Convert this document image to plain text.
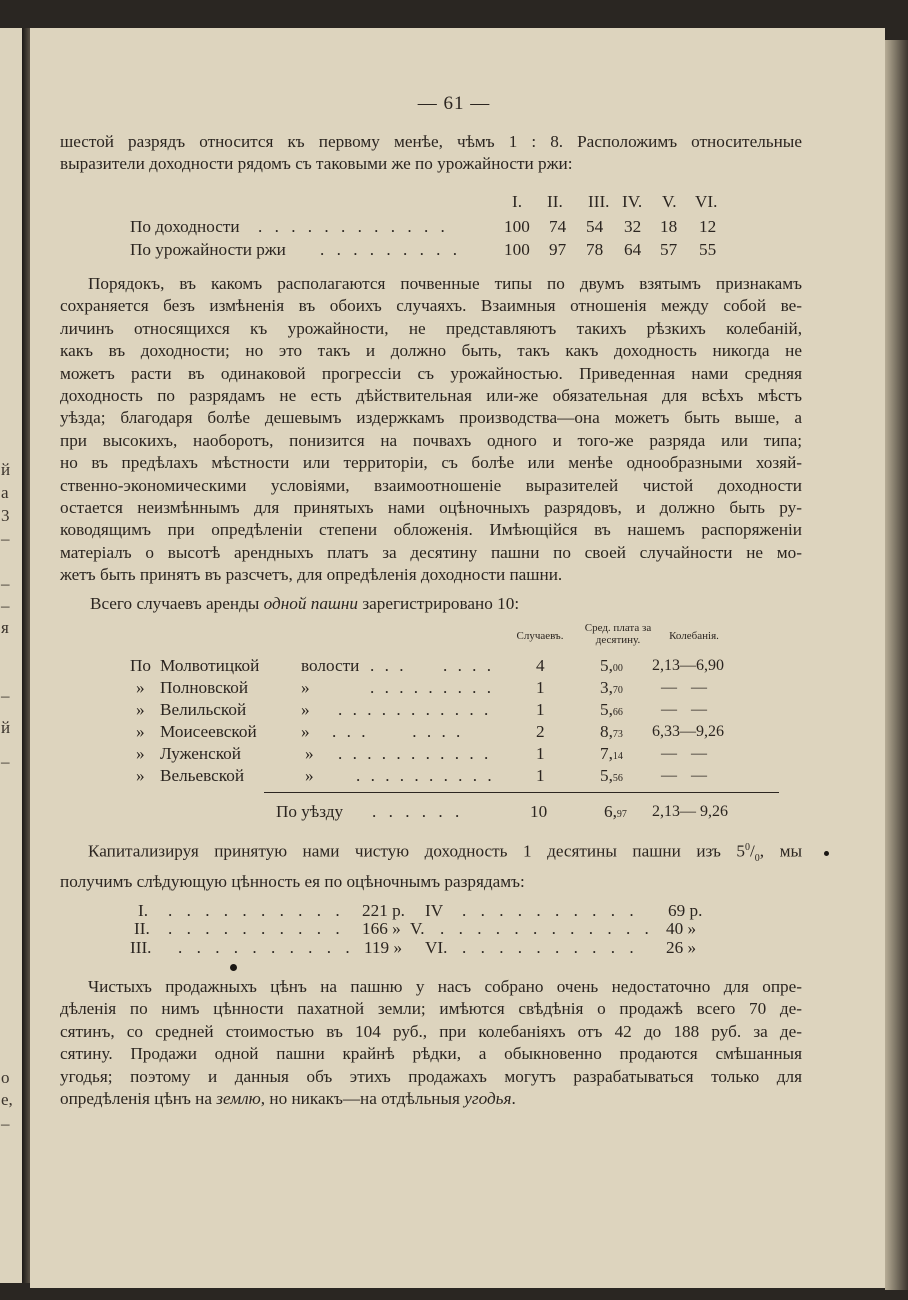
й
а
3
–
–
–
я
–
й
–
о
е,
–
— 61 —
шестой разрядъ относится къ первому менѣе, чѣмъ 1 : 8. Расположимъ относительные
выразители доходности рядомъ съ таковыми же по урожайности ржи:
I. II. III. IV. V. VI.
По доходности . . . . . . . . . . . .	100 74 54 32 18 12
По урожайности ржи . . . . . . . . . 100 97 78 64 57 55
Порядокъ, въ какомъ располагаются почвенные типы по двумъ взятымъ признакамъ
сохраняется безъ измѣненія въ обоихъ случаяхъ. Взаимныя отношенія между собой ве-
личинъ относящихся къ урожайности, не представляютъ такихъ рѣзкихъ колебаній,
какъ въ доходности; но это такъ и должно быть, такъ какъ доходность никогда не
можетъ расти въ одинаковой прогрессіи съ урожайностью. Приведенная нами средняя
доходность по разрядамъ не есть дѣйствительная или-же обязательная для всѣхъ мѣстъ
уѣзда; благодаря болѣе дешевымъ издержкамъ производства—она можетъ быть выше, а
при высокихъ, наоборотъ, понизится на почвахъ одного и того-же разряда или типа;
но въ предѣлахъ мѣстности или территоріи, съ болѣе или менѣе однообразными хозяй-
ственно-экономическими условіями, взаимоотношеніе выразителей чистой доходности
остается неизмѣннымъ для принятыхъ нами оцѣночныхъ разрядовъ, и должно быть ру-
ководящимъ при опредѣленіи степени обложенія. Имѣющійся въ нашемъ распоряженіи
матеріалъ о высотѣ арендныхъ платъ за десятину пашни по своей случайности не мо-
жетъ быть принятъ въ разсчетъ, для опредѣленія доходности пашни.
Всего случаевъ аренды одной пашни зарегистрировано 10:
Случаевъ.
Сред. плата за десятину.	Колебанія.
По Молвотицкой волости . . .     . . . . 4	5,00 2,13—6,90
» Полновской	»	. . . . . . . . . 1	3,70 — —
» Велильской	» . . . . . . . . . . .	1	5,66 — —
» Моисеевской	» . . .      . . . .	2	8,73 6,33—9,26
» Луженской	» . . . . . . . . . . .	1	7,14 — —
» Вельевской	» . . . . . . . . . . 1	5,56 — —
По уѣзду . . . . . .	10	6,97 2,13— 9,26
Капитализируя принятую нами чистую доходность 1 десятины пашни изъ $5^0/_0$, мы
получимъ слѣдующую цѣнность ея по оцѣночнымъ разрядамъ:
I. . . . . . . . . . . 221 р. IV . . . . . . . . . . 69 р.
II. . . . . . . . . . . 166 » V. . . . . . . . . . . . . 40 »
III. . . . . . . . . . . 119 » VI. . . . . . . . . . . 26 »
Чистыхъ продажныхъ цѣнъ на пашню у насъ собрано очень недостаточно для опре-
дѣленія по нимъ цѣнности пахатной земли; имѣются свѣдѣнія о продажѣ всего 70 де-
сятинъ, со средней стоимостью въ 104 руб., при колебаніяхъ отъ 42 до 188 руб. за де-
сятину. Продажи одной пашни крайнѣ рѣдки, а обыкновенно продаются смѣшанныя
угодья; поэтому и данныя объ этихъ продажахъ могутъ разрабатываться только для
опредѣленія цѣнъ на землю, но никакъ—на отдѣльныя угодья.
